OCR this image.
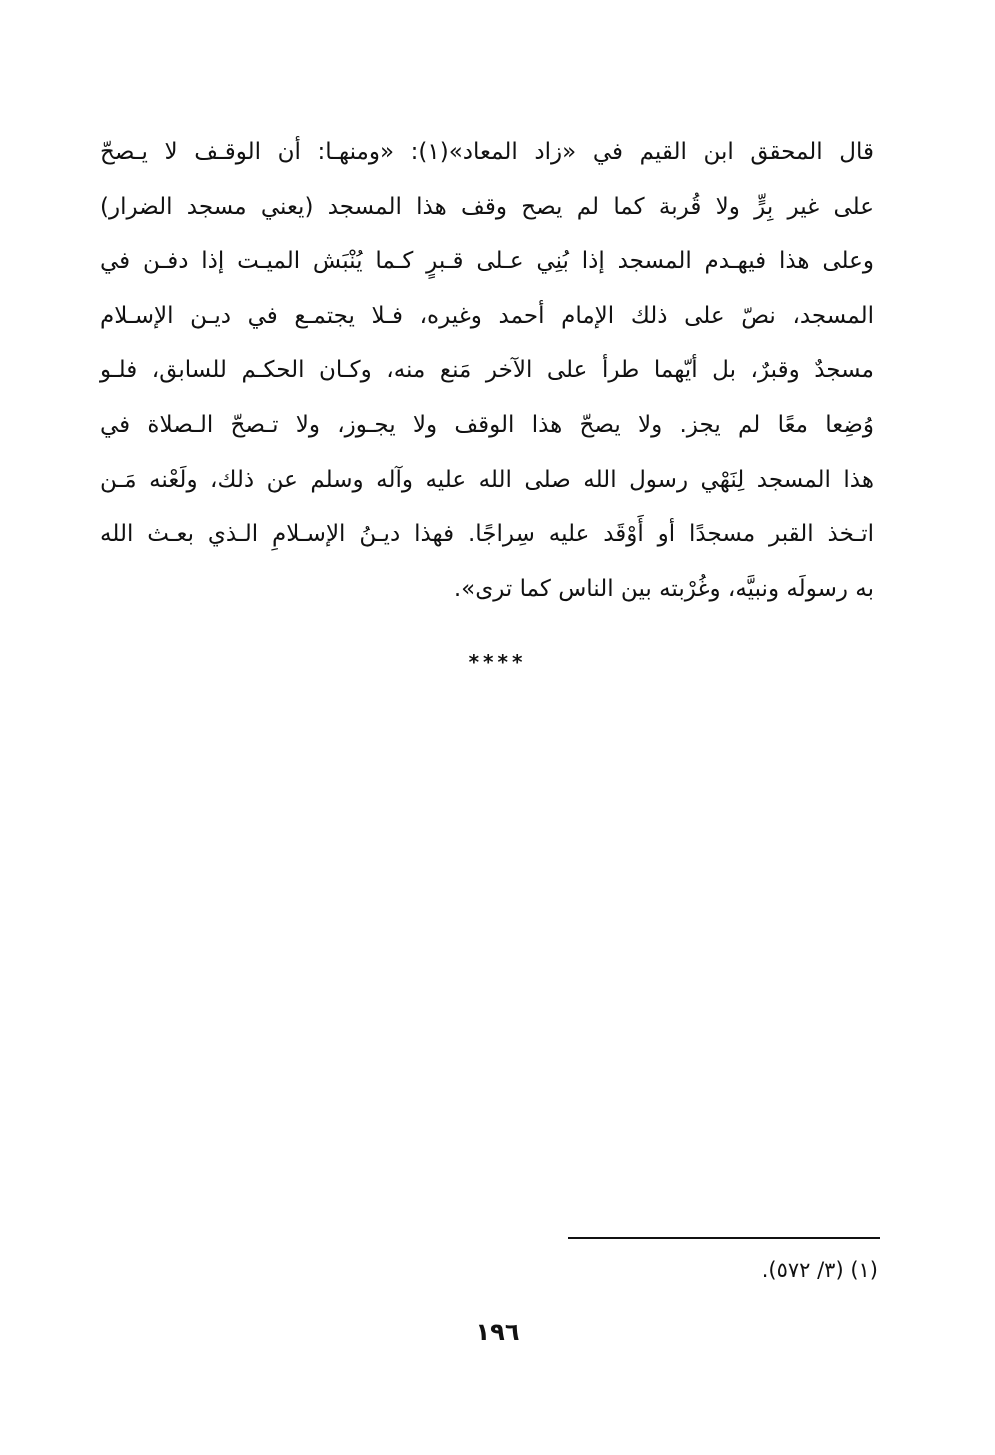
قال المحقق ابن القيم في «زاد المعاد»(١): «ومنهـا: أن الوقـف لا يـصحّ
على غير بِرٍّ ولا قُربة كما لم يصح وقف هذا المسجد (يعني مسجد الضرار)
وعلى هذا فيهـدم المسجد إذا بُنِي عـلى قـبرٍ كـما يُنْبَش الميـت إذا دفـن في
المسجد، نصّ على ذلك الإمام أحمد وغيره، فـلا يجتمـع في ديـن الإسـلام
مسجدٌ وقبرٌ، بل أيّهما طرأ على الآخر مَنع منه، وكـان الحكـم للسابق، فلـو
وُضِعا معًا لم يجز. ولا يصحّ هذا الوقف ولا يجـوز، ولا تـصحّ الـصلاة في
هذا المسجد لِنَهْي رسول الله صلى الله عليه وآله وسلم عن ذلك، ولَعْنه مَـن
اتـخذ القبر مسجدًا أو أَوْقَد عليه سِراجًا. فهذا ديـنُ الإسـلامِ الـذي بعـث الله
به رسولَه ونبيَّه، وغُرْبته بين الناس كما ترى».
****
(١) (٣/ ٥٧٢).
١٩٦
